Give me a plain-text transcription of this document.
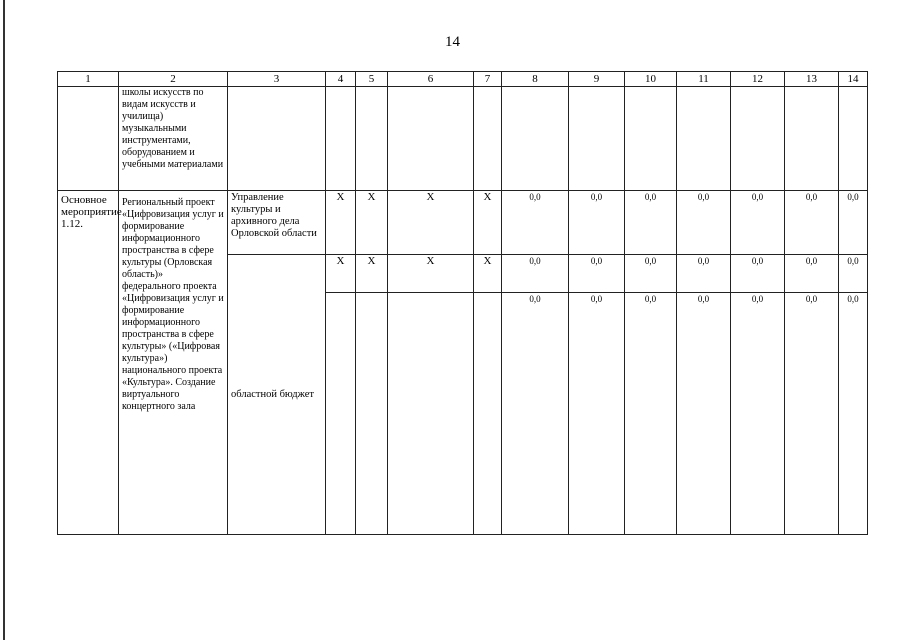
14
1	2	3	4	5	6	7	8	9	10	11	12	13	14
	школы искусств по видам искусств и училища) музыкальными инструментами, оборудованием и учебными материалами												
Основное мероприятие 1.12.	Региональный проект «Цифровизация услуг и формирование информационного пространства в сфере культуры (Орловская область)» федерального проекта «Цифровизация услуг и формирование информационного пространства в сфере культуры» («Цифровая культура») национального проекта «Культура». Создание виртуального концертного зала	Управление культуры и архивного дела Орловской области	Х	Х	Х	Х	0,0	0,0	0,0	0,0	0,0	0,0	0,0
		областной бюджет	Х	Х	Х	Х	0,0	0,0	0,0	0,0	0,0	0,0	0,0
							0,0	0,0	0,0	0,0	0,0	0,0	0,0
